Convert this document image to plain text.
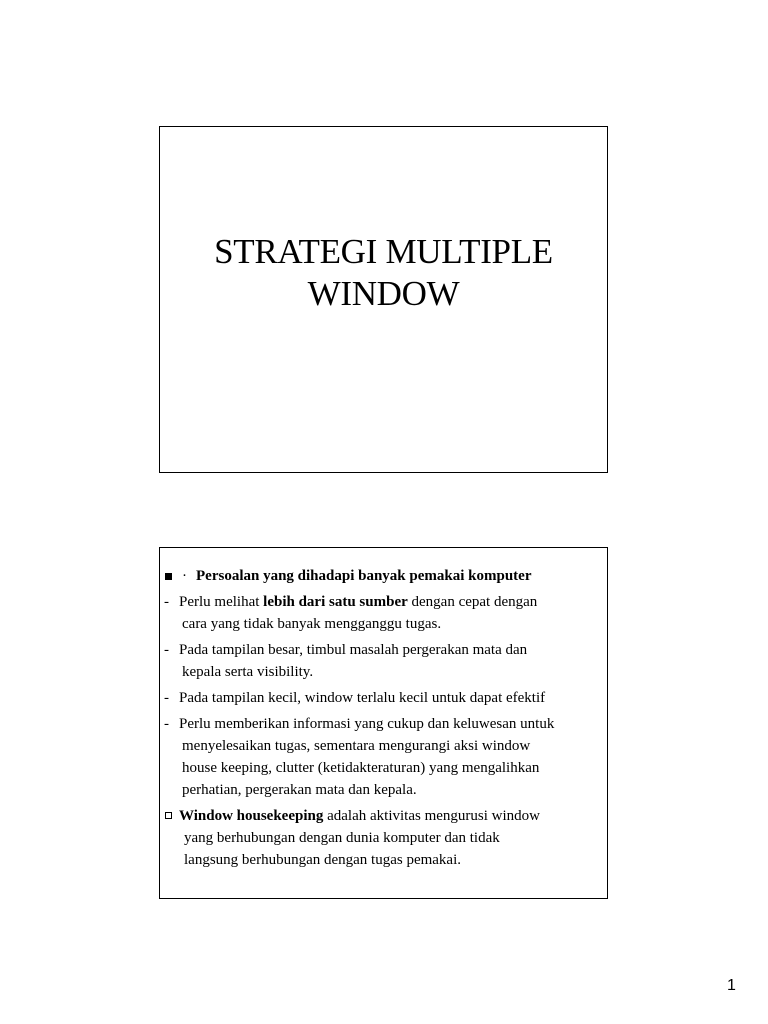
STRATEGI MULTIPLE
WINDOW
· Persoalan yang dihadapi banyak pemakai komputer
- Perlu melihat lebih dari satu sumber dengan cepat dengan
cara yang tidak banyak mengganggu tugas.
- Pada tampilan besar, timbul masalah pergerakan mata dan
kepala serta visibility.
- Pada tampilan kecil, window terlalu kecil untuk dapat efektif
- Perlu memberikan informasi yang cukup dan keluwesan untuk
menyelesaikan tugas, sementara mengurangi aksi window
house keeping, clutter (ketidakteraturan) yang mengalihkan
perhatian, pergerakan mata dan kepala.
Window housekeeping adalah aktivitas mengurusi window
yang berhubungan dengan dunia komputer dan tidak
langsung berhubungan dengan tugas pemakai.
1
